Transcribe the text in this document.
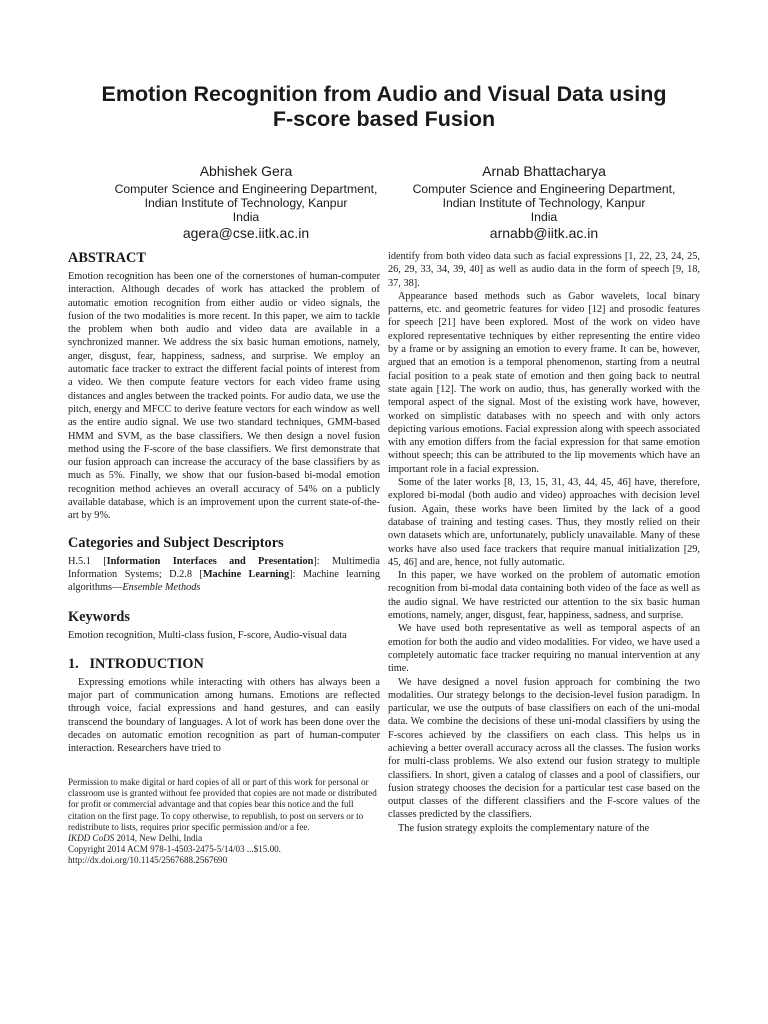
Emotion Recognition from Audio and Visual Data using
F-score based Fusion
Abhishek Gera
Computer Science and Engineering Department,
Indian Institute of Technology, Kanpur
India
agera@cse.iitk.ac.in
Arnab Bhattacharya
Computer Science and Engineering Department,
Indian Institute of Technology, Kanpur
India
arnabb@iitk.ac.in
ABSTRACT

Emotion recognition has been one of the cornerstones of human-computer interaction. Although decades of work has attacked the problem of automatic emotion recognition from either audio or video signals, the fusion of the two modalities is more recent. In this paper, we aim to tackle the problem when both audio and video data are available in a synchronized manner. We address the six basic human emotions, namely, anger, disgust, fear, happiness, sadness, and surprise. We employ an automatic face tracker to extract the different facial points of interest from a video. We then compute feature vectors for each video frame using distances and angles between the tracked points. For audio data, we use the pitch, energy and MFCC to derive feature vectors for each window as well as the entire audio signal. We use two standard techniques, GMM-based HMM and SVM, as the base classifiers. We then design a novel fusion method using the F-score of the base classifiers. We first demonstrate that our fusion approach can increase the accuracy of the base classifiers by as much as 5%. Finally, we show that our fusion-based bi-modal emotion recognition method achieves an overall accuracy of 54% on a publicly available database, which is an improvement upon the current state-of-the-art by 9%.

Categories and Subject Descriptors

H.5.1 [Information Interfaces and Presentation]: Multimedia Information Systems; D.2.8 [Machine Learning]: Machine learning algorithms—Ensemble Methods

Keywords

Emotion recognition, Multi-class fusion, F-score, Audio-visual data

1.   INTRODUCTION

Expressing emotions while interacting with others has always been a major part of communication among humans. Emotions are reflected through voice, facial expressions and hand gestures, and can easily transcend the boundary of languages. A lot of work has been done over the decades on automatic emotion recognition as part of human-computer interaction. Researchers have tried to

Permission to make digital or hard copies of all or part of this work for personal or classroom use is granted without fee provided that copies are not made or distributed for profit or commercial advantage and that copies bear this notice and the full citation on the first page. To copy otherwise, to republish, to post on servers or to redistribute to lists, requires prior specific permission and/or a fee.

IKDD CoDS 2014, New Delhi, India

Copyright 2014 ACM 978-1-4503-2475-5/14/03 ...$15.00.

http://dx.doi.org/10.1145/2567688.2567690

identify from both video data such as facial expressions [1, 22, 23, 24, 25, 26, 29, 33, 34, 39, 40] as well as audio data in the form of speech [9, 18, 37, 38].

Appearance based methods such as Gabor wavelets, local binary patterns, etc. and geometric features for video [12] and prosodic features for speech [21] have been explored. Most of the work on video have explored representative techniques by either representing the entire video by a frame or by assigning an emotion to every frame. It can be, however, argued that an emotion is a temporal phenomenon, starting from a neutral facial position to a peak state of emotion and then going back to neutral state again [12]. The work on audio, thus, has generally worked with the temporal aspect of the signal. Most of the existing work have, however, worked on simplistic databases with no speech and with only actors depicting various emotions. Facial expression along with speech associated with any emotion differs from the facial expression for that same emotion without speech; this can be attributed to the lip movements which have an important role in a facial expression.

Some of the later works [8, 13, 15, 31, 43, 44, 45, 46] have, therefore, explored bi-modal (both audio and video) approaches with decision level fusion. Again, these works have been limited by the lack of a good database of training and testing cases. Thus, they mostly relied on their own datasets which are, unfortunately, publicly unavailable. Many of these works have also used face trackers that require manual initialization [29, 45, 46] and are, hence, not fully automatic.

In this paper, we have worked on the problem of automatic emotion recognition from bi-modal data containing both video of the face as well as the audio signal. We have restricted our attention to the six basic human emotions, namely, anger, disgust, fear, happiness, sadness, and surprise.

We have used both representative as well as temporal aspects of an emotion for both the audio and video modalities. For video, we have used a completely automatic face tracker requiring no manual intervention at any time.

We have designed a novel fusion approach for combining the two modalities. Our strategy belongs to the decision-level fusion paradigm. In particular, we use the outputs of base classifiers on each of the uni-modal data. We combine the decisions of these uni-modal classifiers by using the F-scores achieved by the classifiers on each class. This helps us in achieving a better overall accuracy across all the classes. The fusion works for multi-class problems. We also extend our fusion strategy to multiple classifiers. In short, given a catalog of classes and a pool of classifiers, our fusion strategy chooses the decision for a particular test case based on the output classes of the different classifiers and the F-score values of the classes predicted by the classifiers.

The fusion strategy exploits the complementary nature of the
